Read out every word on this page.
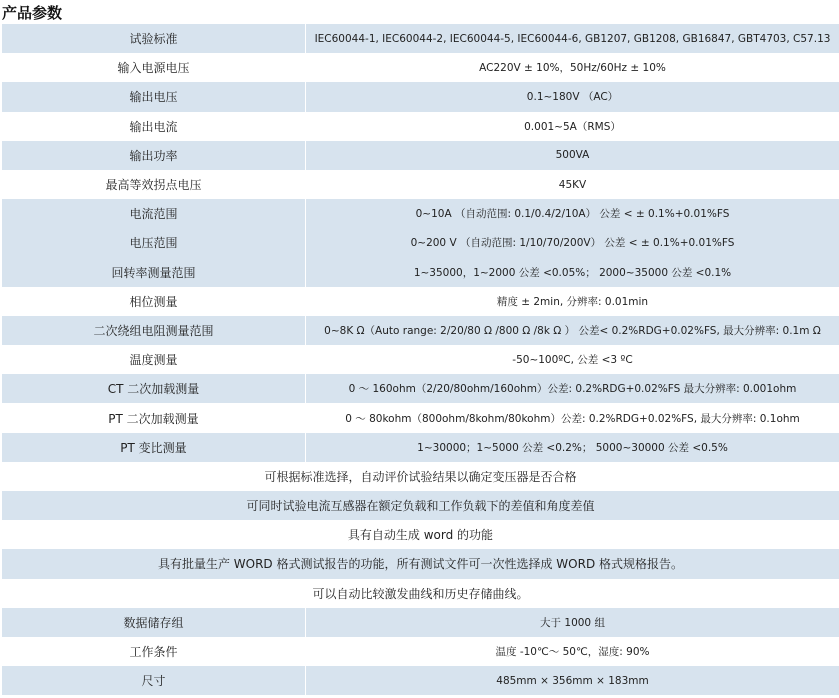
产品参数
试验标准	IEC60044-1, IEC60044-2, IEC60044-5, IEC60044-6, GB1207, GB1208, GB16847, GBT4703, C57.13
输入电源电压	AC220V ± 10%，50Hz/60Hz ± 10%
输出电压	0.1~180V （AC）
输出电流	0.001~5A（RMS）
输出功率	500VA
最高等效拐点电压	45KV
电流范围	0~10A （自动范围: 0.1/0.4/2/10A） 公差 < ± 0.1%+0.01%FS
电压范围	0~200 V （自动范围: 1/10/70/200V） 公差 < ± 0.1%+0.01%FS
回转率测量范围	1~35000，1~2000 公差 <0.05%； 2000~35000 公差 <0.1%
相位测量	精度 ± 2min, 分辨率: 0.01min
二次绕组电阻测量范围	0~8K Ω（Auto range: 2/20/80 Ω /800 Ω /8k Ω ） 公差< 0.2%RDG+0.02%FS, 最大分辨率: 0.1m Ω
温度测量	-50~100ºC, 公差 <3 ºC
CT 二次加载测量	0 ～ 160ohm（2/20/80ohm/160ohm）公差: 0.2%RDG+0.02%FS 最大分辨率: 0.001ohm
PT 二次加载测量	0 ～ 80kohm（800ohm/8kohm/80kohm）公差: 0.2%RDG+0.02%FS, 最大分辨率: 0.1ohm
PT 变比测量	1~30000；1~5000 公差 <0.2%； 5000~30000 公差 <0.5%
可根据标准选择，自动评价试验结果以确定变压器是否合格
可同时试验电流互感器在额定负载和工作负载下的差值和角度差值
具有自动生成 word 的功能
具有批量生产 WORD 格式测试报告的功能，所有测试文件可一次性选择成 WORD 格式规格报告。
可以自动比较激发曲线和历史存储曲线。
数据储存组	大于 1000 组
工作条件	温度 -10℃～ 50℃，湿度: 90%
尺寸	485mm × 356mm × 183mm
